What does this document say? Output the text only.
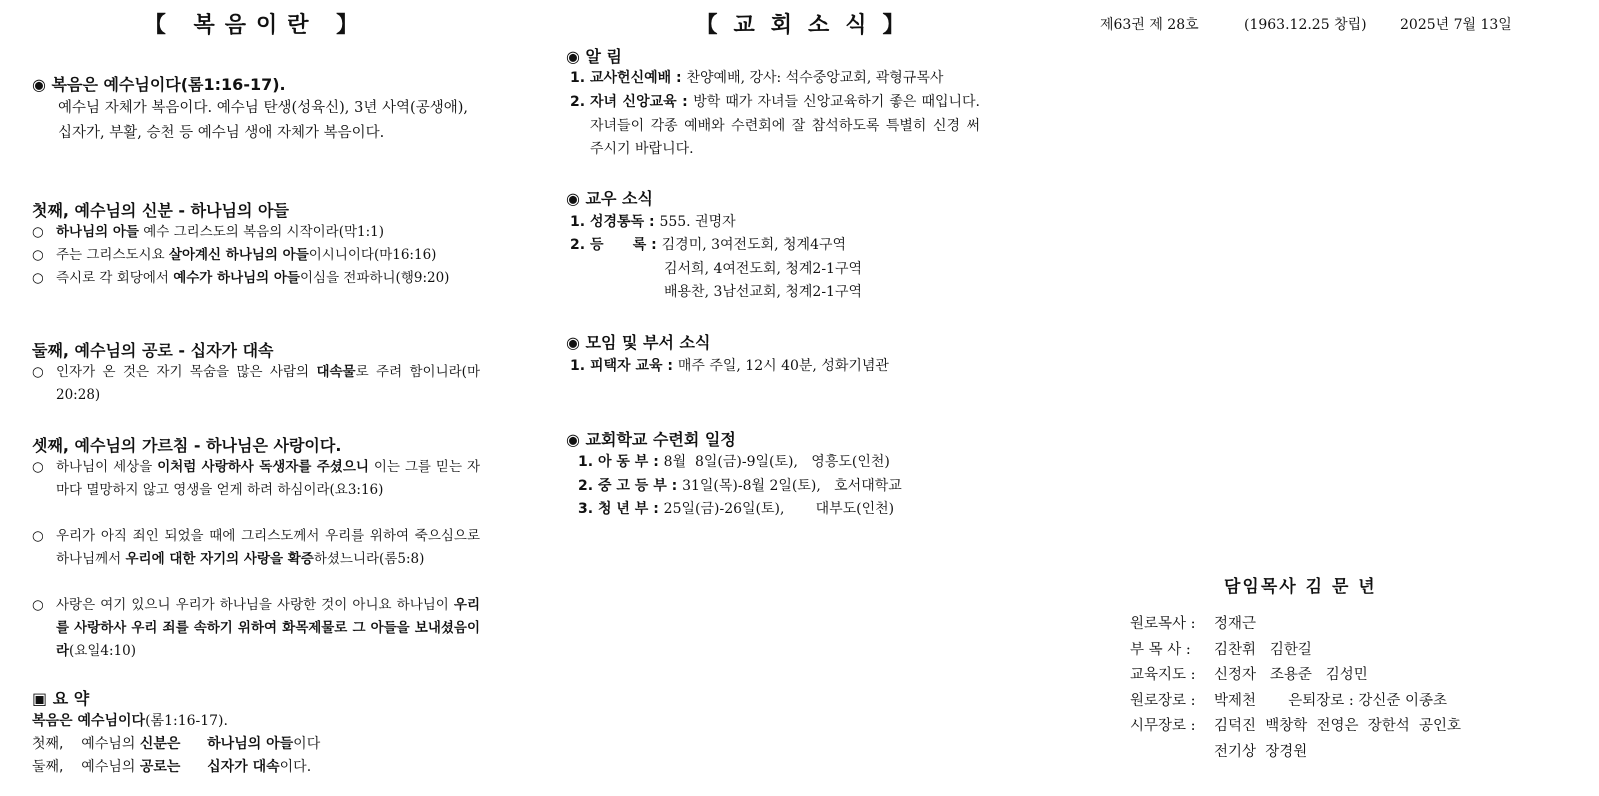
【 복음이란 】

◉ 복음은 예수님이다(롬1:16-17).

예수님 자체가 복음이다. 예수님 탄생(성육신), 3년 사역(공생애), 십자가, 부활, 승천 등 예수님 생애 자체가 복음이다.

첫째, 예수님의 신분 - 하나님의 아들

○ 하나님의 아들 예수 그리스도의 복음의 시작이라(막1:1)
○ 주는 그리스도시요 살아계신 하나님의 아들이시니이다(마16:16)
○ 즉시로 각 회당에서 예수가 하나님의 아들이심을 전파하니(행9:20)

둘째, 예수님의 공로 - 십자가 대속

○ 인자가 온 것은 자기 목숨을 많은 사람의 대속물로 주려 함이니라(마20:28)

셋째, 예수님의 가르침 - 하나님은 사랑이다.

○ 하나님이 세상을 이처럼 사랑하사 독생자를 주셨으니 이는 그를 믿는 자마다 멸망하지 않고 영생을 얻게 하려 하심이라(요3:16)
○ 우리가 아직 죄인 되었을 때에 그리스도께서 우리를 위하여 죽으심으로 하나님께서 우리에 대한 자기의 사랑을 확증하셨느니라(롬5:8)
○ 사랑은 여기 있으니 우리가 하나님을 사랑한 것이 아니요 하나님이 우리를 사랑하사 우리 죄를 속하기 위하여 화목제물로 그 아들을 보내셨음이라(요일4:10)

▣ 요 약

복음은 예수님이다(롬1:16-17).

첫째,    예수님의 신분은 하나님의 아들이다

둘째,    예수님의 공로는 십자가 대속이다.

【교회소식】

◉ 알 림

1. 교사헌신예배 : 찬양예배, 강사: 석수중앙교회, 곽형규목사
2. 자녀 신앙교육 : 방학 때가 자녀들 신앙교육하기 좋은 때입니다. 자녀들이 각종 예배와 수련회에 잘 참석하도록 특별히 신경 써 주시기 바랍니다.

◉ 교우 소식

1. 성경통독 : 555. 권명자
2. 등      록 : 김경미, 3여전도회, 청계4구역

김서희, 4여전도회, 청계2-1구역

배용찬, 3남선교회, 청계2-1구역

◉ 모임 및 부서 소식

1. 피택자 교육 : 매주 주일, 12시 40분, 성화기념관

◉ 교회학교 수련회 일정

1. 아 동 부 : 8월  8일(금)-9일(토),   영흥도(인천)
2. 중 고 등 부 : 31일(목)-8월 2일(토),   호서대학교
3. 청 년 부 : 25일(금)-26일(토),       대부도(인천)
제63권 제 28호	(1963.12.25 창립) 2025년 7월 13일
담임목사 김 문 년
원로목사 :	정재근
부 목 사 :	김찬휘   김한길
교육지도 :	신정자   조용준   김성민
원로장로 :	박제천       은퇴장로 : 강신준 이종초
시무장로 :	김덕진  백창학  전영은  장한석  공인호
전기상  장경원
